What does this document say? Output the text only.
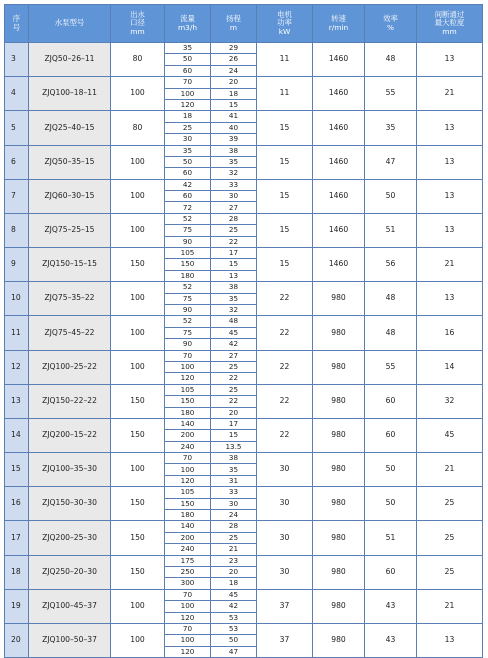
序
号	水泵型号	出水
口径
mm	流量
m3/h	扬程
m	电机
功率
kW	转速
r/min	效率
%	间断通过
最大粒度
mm

3	ZJQ50–26–11	80	35	29	11	1460	48	13
			50	26				
			60	24				
4	ZJQ100–18–11	100	70	20	11	1460	55	21
			100	18				
			120	15				
5	ZJQ25–40–15	80	18	41	15	1460	35	13
			25	40				
			30	39				
6	ZJQ50–35–15	100	35	38	15	1460	47	13
			50	35				
			60	32				
7	ZJQ60–30–15	100	42	33	15	1460	50	13
			60	30				
			72	27				
8	ZJQ75–25–15	100	52	28	15	1460	51	13
			75	25				
			90	22				
9	ZJQ150–15–15	150	105	17	15	1460	56	21
			150	15				
			180	13				
10	ZJQ75–35–22	100	52	38	22	980	48	13
			75	35				
			90	32				
11	ZJQ75–45–22	100	52	48	22	980	48	16
			75	45				
			90	42				
12	ZJQ100–25–22	100	70	27	22	980	55	14
			100	25				
			120	22				
13	ZJQ150–22–22	150	105	25	22	980	60	32
			150	22				
			180	20				
14	ZJQ200–15–22	150	140	17	22	980	60	45
			200	15				
			240	13.5				
15	ZJQ100–35–30	100	70	38	30	980	50	21
			100	35				
			120	31				
16	ZJQ150–30–30	150	105	33	30	980	50	25
			150	30				
			180	24				
17	ZJQ200–25–30	150	140	28	30	980	51	25
			200	25				
			240	21				
18	ZJQ250–20–30	150	175	23	30	980	60	25
			250	20				
			300	18				
19	ZJQ100–45–37	100	70	45	37	980	43	21
			100	42				
			120	53				
20	ZJQ100–50–37	100	70	53	37	980	43	13
			100	50				
			120	47				
